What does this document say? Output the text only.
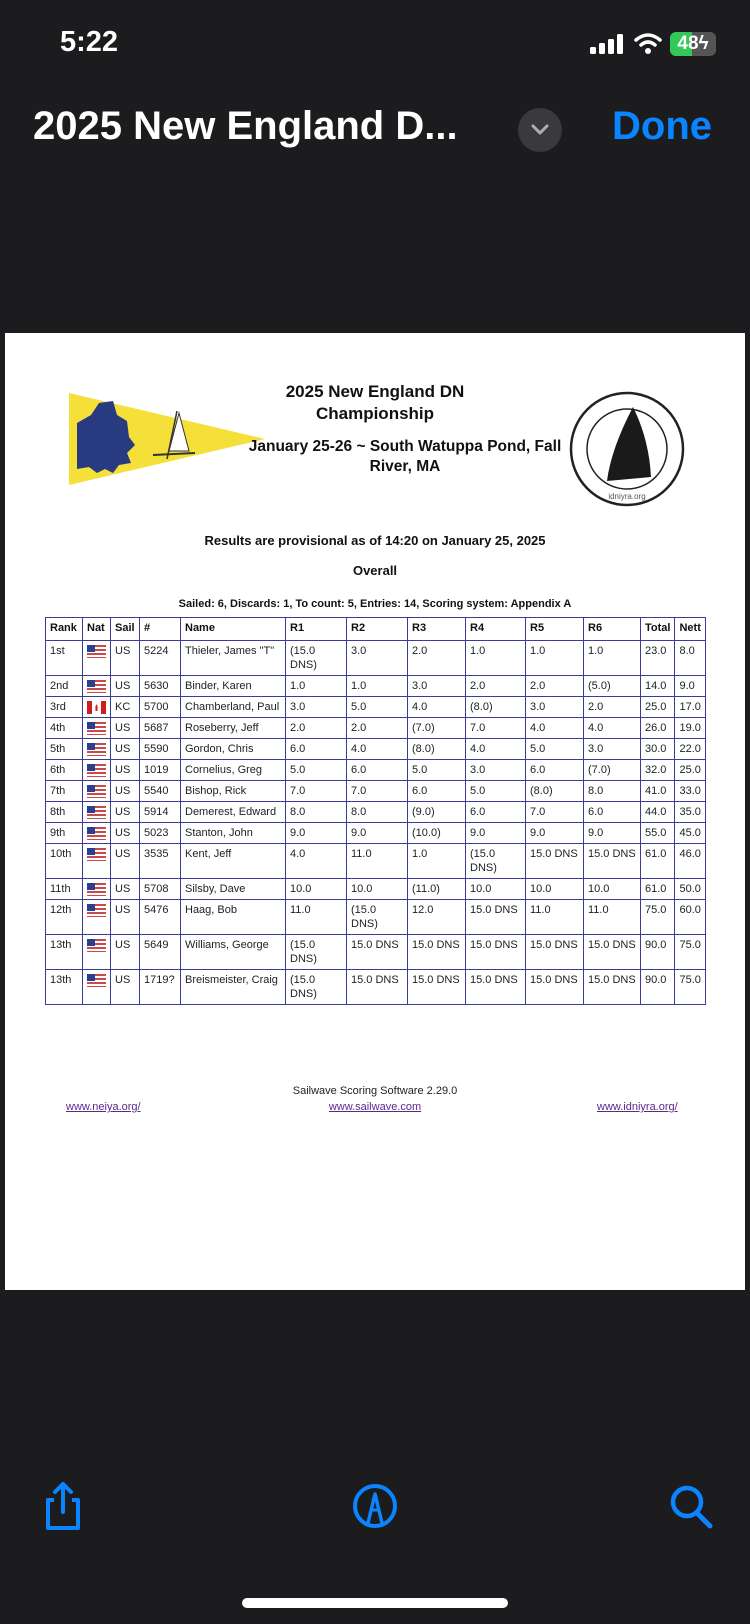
5:22	48ϟ
2025 New England D...	Done
2025 New England DN Championship
January 25-26 ~ South Watuppa Pond, Fall River, MA
idniyra.org
Results are provisional as of 14:20 on January 25, 2025
Overall
Sailed: 6, Discards: 1, To count: 5, Entries: 14, Scoring system: Appendix A
Rank	Nat	Sail	#	Name	R1	R2	R3	R4	R5	R6	Total	Nett
1st		US	5224	Thieler, James "T"	(15.0 DNS)	3.0	2.0	1.0	1.0	1.0	23.0	8.0
2nd		US	5630	Binder, Karen	1.0	1.0	3.0	2.0	2.0	(5.0)	14.0	9.0
3rd		KC	5700	Chamberland, Paul	3.0	5.0	4.0	(8.0)	3.0	2.0	25.0	17.0
4th		US	5687	Roseberry, Jeff	2.0	2.0	(7.0)	7.0	4.0	4.0	26.0	19.0
5th		US	5590	Gordon, Chris	6.0	4.0	(8.0)	4.0	5.0	3.0	30.0	22.0
6th		US	1019	Cornelius, Greg	5.0	6.0	5.0	3.0	6.0	(7.0)	32.0	25.0
7th		US	5540	Bishop, Rick	7.0	7.0	6.0	5.0	(8.0)	8.0	41.0	33.0
8th		US	5914	Demerest, Edward	8.0	8.0	(9.0)	6.0	7.0	6.0	44.0	35.0
9th		US	5023	Stanton, John	9.0	9.0	(10.0)	9.0	9.0	9.0	55.0	45.0
10th		US	3535	Kent, Jeff	4.0	11.0	1.0	(15.0 DNS)	15.0 DNS	15.0 DNS	61.0	46.0
11th		US	5708	Silsby, Dave	10.0	10.0	(11.0)	10.0	10.0	10.0	61.0	50.0
12th		US	5476	Haag, Bob	11.0	(15.0 DNS)	12.0	15.0 DNS	11.0	11.0	75.0	60.0
13th		US	5649	Williams, George	(15.0 DNS)	15.0 DNS	15.0 DNS	15.0 DNS	15.0 DNS	15.0 DNS	90.0	75.0
13th		US	1719?	Breismeister, Craig	(15.0 DNS)	15.0 DNS	15.0 DNS	15.0 DNS	15.0 DNS	15.0 DNS	90.0	75.0
Sailwave Scoring Software 2.29.0
www.neiya.org/	www.sailwave.com	www.idniyra.org/
